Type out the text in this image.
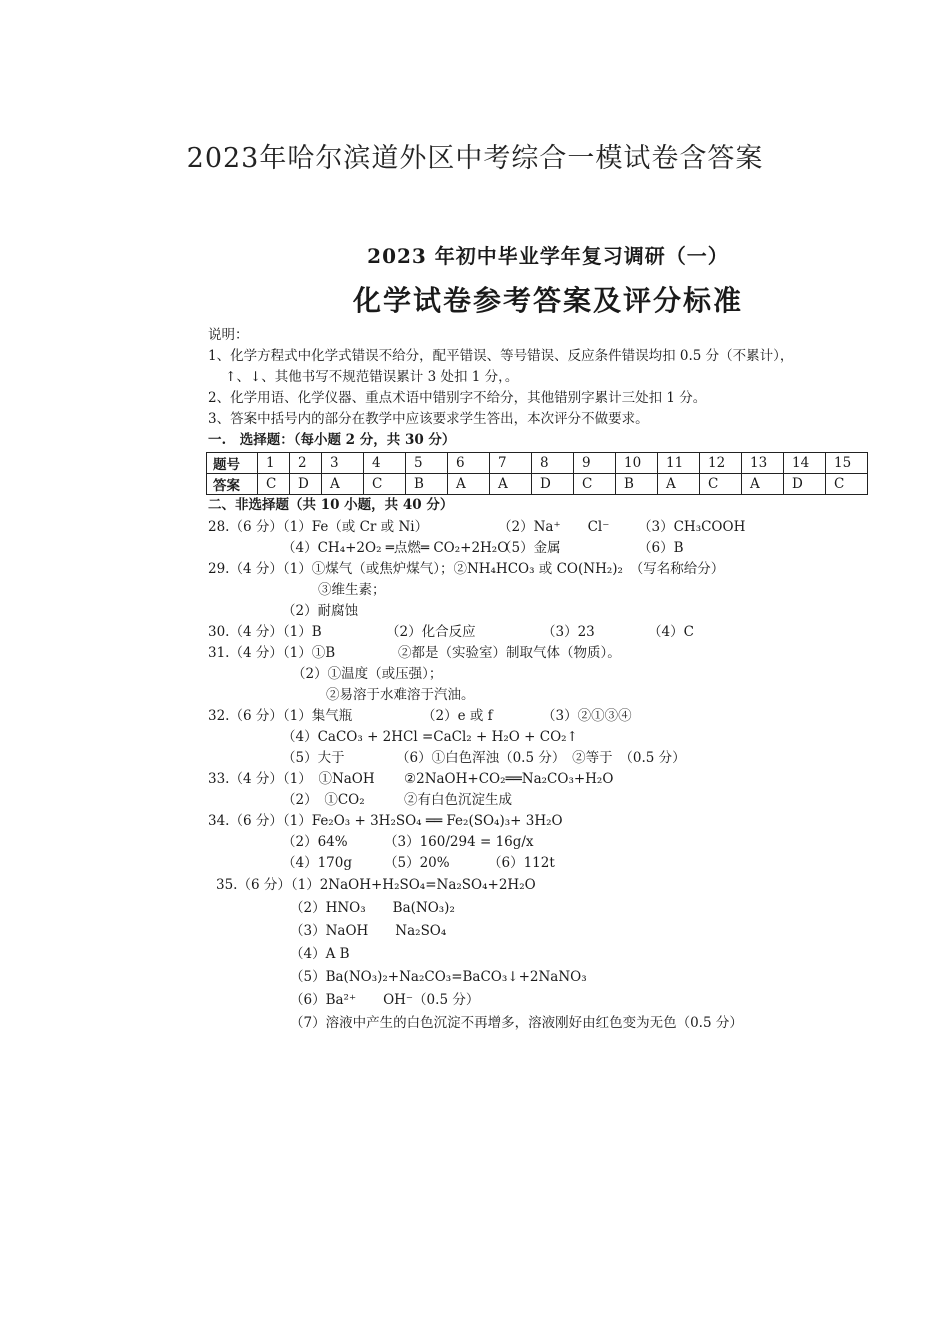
2023年哈尔滨道外区中考综合一模试卷含答案
2023 年初中毕业学年复习调研（一）
化学试卷参考答案及评分标准
说明：
1、化学方程式中化学式错误不给分，配平错误、等号错误、反应条件错误均扣 0.5 分（不累计），
↑、↓、其他书写不规范错误累计 3 处扣 1 分，。
2、化学用语、化学仪器、重点术语中错别字不给分，其他错别字累计三处扣 1 分。
3、答案中括号内的部分在教学中应该要求学生答出，本次评分不做要求。
一.　选择题：（每小题 2 分，共 30 分）
题号	1	2	3	4	5	6	7	8	9	10	11	12	13	14	15
答案	C	D	A	C	B	A	A	D	C	B	A	C	A	D	C
二、非选择题（共 10 小题，共 40 分）
28.（6 分）（1）Fe（或 Cr 或 Ni）	（2）Na⁺　　Cl⁻ （3）CH₃COOH
（4）CH₄+2O₂ ═点燃═ CO₂+2H₂O
（5）金属	（6）B
29.（4 分）（1）①煤气（或焦炉煤气）；②NH₄HCO₃ 或 CO(NH₂)₂　（写名称给分）
③维生素；
（2）耐腐蚀
30.（4 分）（1）B	（2）化合反应	（3）23	（4）C
31.（4 分）（1）①B	②都是（实验室）制取气体（物质）。
（2）①温度（或压强）；
②易溶于水难溶于汽油。
32.（6 分）（1）集气瓶	（2）e 或 f	（3）②①③④
（4）CaCO₃ + 2HCl =CaCl₂ + H₂O + CO₂↑
（5）大于	（6）①白色浑浊（0.5 分）　②等于　（0.5 分）
33.（4 分）（1）　①NaOH ②2NaOH+CO₂══Na₂CO₃+H₂O
（2）　①CO₂	②有白色沉淀生成
34.（6 分）（1）Fe₂O₃ + 3H₂SO₄ ══ Fe₂(SO₄)₃+ 3H₂O
（2）64%	（3）160/294 = 16g/x
（4）170g （5）20%	（6）112t
35.（6 分）（1）2NaOH+H₂SO₄=Na₂SO₄+2H₂O
（2）HNO₃　　Ba(NO₃)₂
（3）NaOH　　Na₂SO₄
（4）A B
（5）Ba(NO₃)₂+Na₂CO₃=BaCO₃↓+2NaNO₃
（6）Ba²⁺　　OH⁻（0.5 分）
（7）溶液中产生的白色沉淀不再增多，溶液刚好由红色变为无色（0.5 分）
